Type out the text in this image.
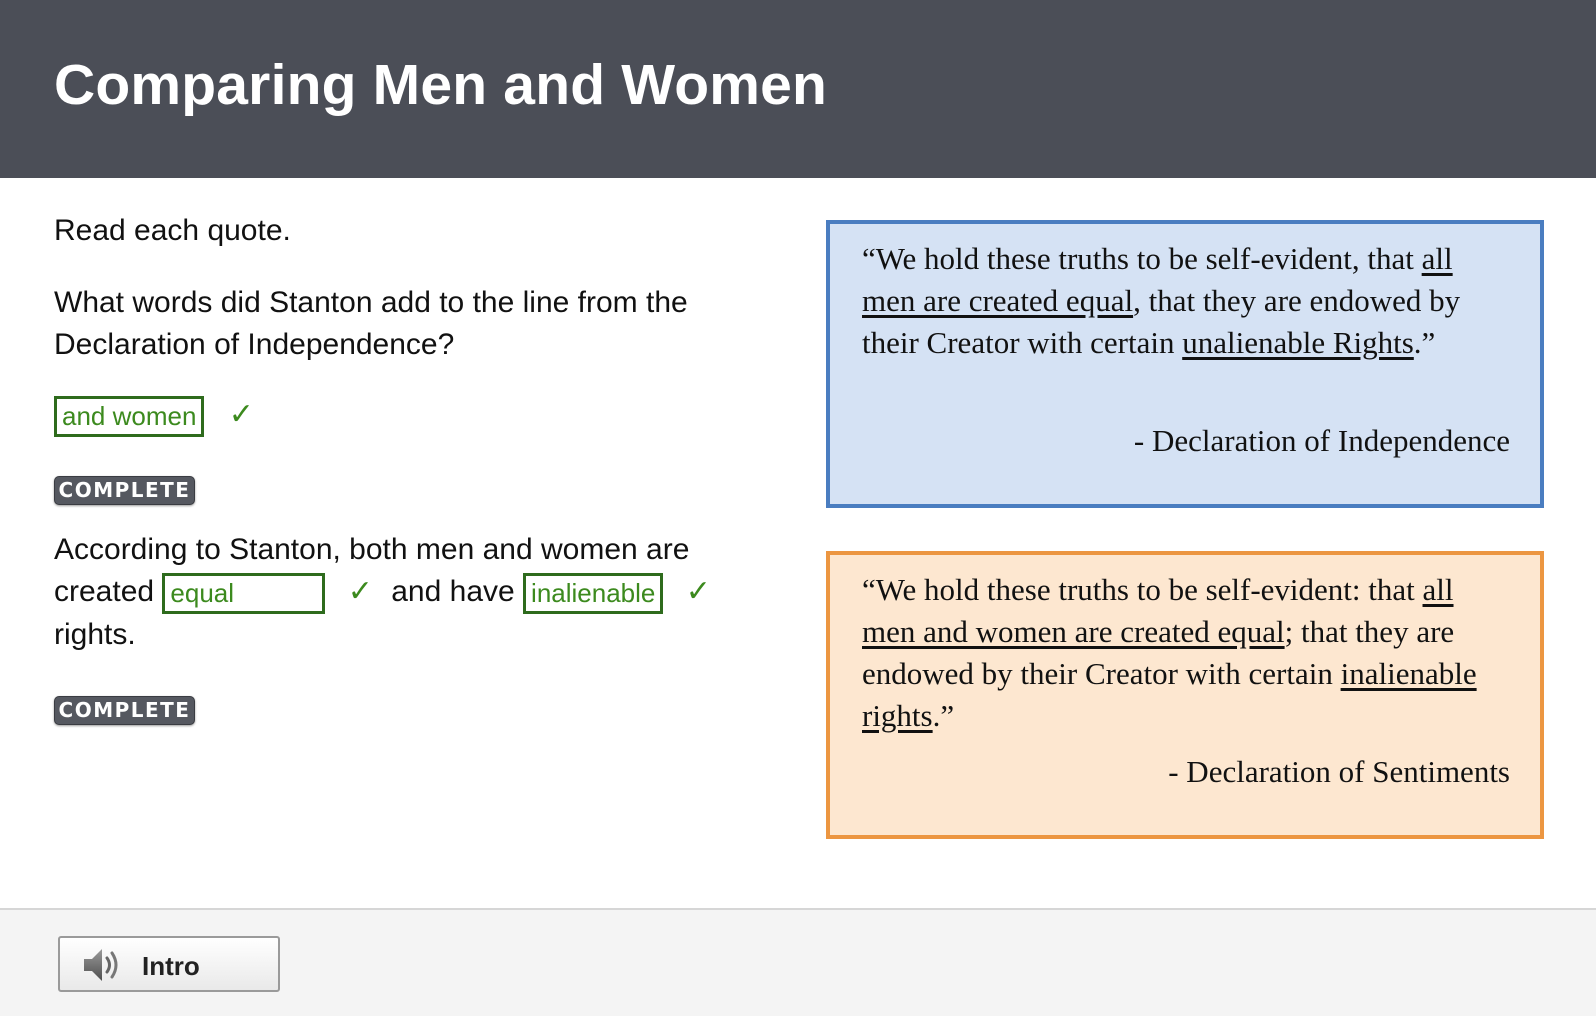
Comparing Men and Women

Read each quote.

What words did Stanton add to the line from the Declaration of Independence?

and women ✓
COMPLETE
According to Stanton, both men and women are created equal	✓ and have inalienable ✓
rights.
COMPLETE

“We hold these truths to be self-evident, that all men are created equal, that they are endowed by their Creator with certain unalienable Rights.”

- Declaration of Independence

“We hold these truths to be self-evident: that all men and women are created equal; that they are endowed by their Creator with certain inalienable rights.”

- Declaration of Sentiments
Intro
